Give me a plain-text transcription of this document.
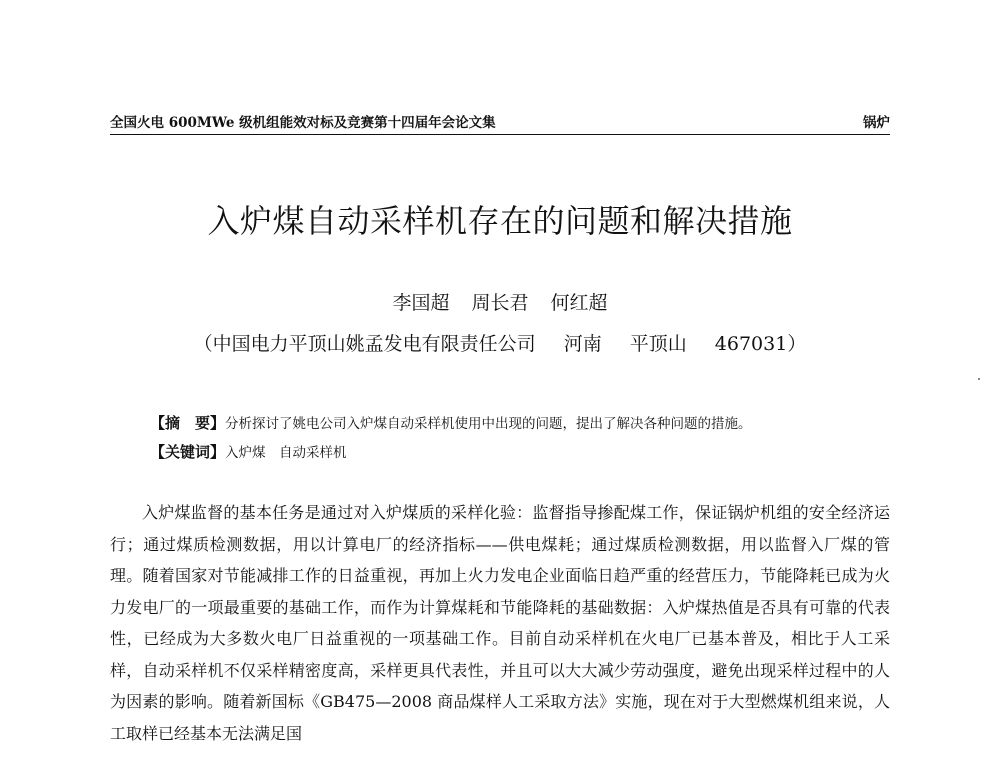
全国火电 600MWe 级机组能效对标及竞赛第十四届年会论文集	锅炉
入炉煤自动采样机存在的问题和解决措施
李国超 周长君 何红超
（中国电力平顶山姚孟发电有限责任公司 河南 平顶山 467031）
【摘　要】分析探讨了姚电公司入炉煤自动采样机使用中出现的问题，提出了解决各种问题的措施。
【关键词】入炉煤　自动采样机

入炉煤监督的基本任务是通过对入炉煤质的采样化验：监督指导掺配煤工作，保证锅炉机组的安全经济运行；通过煤质检测数据，用以计算电厂的经济指标——供电煤耗；通过煤质检测数据，用以监督入厂煤的管理。随着国家对节能减排工作的日益重视，再加上火力发电企业面临日趋严重的经营压力，节能降耗已成为火力发电厂的一项最重要的基础工作，而作为计算煤耗和节能降耗的基础数据：入炉煤热值是否具有可靠的代表性，已经成为大多数火电厂日益重视的一项基础工作。目前自动采样机在火电厂已基本普及，相比于人工采样，自动采样机不仅采样精密度高，采样更具代表性，并且可以大大减少劳动强度，避免出现采样过程中的人为因素的影响。随着新国标《GB475—2008 商品煤样人工采取方法》实施，现在对于大型燃煤机组来说，人工取样已经基本无法满足国
